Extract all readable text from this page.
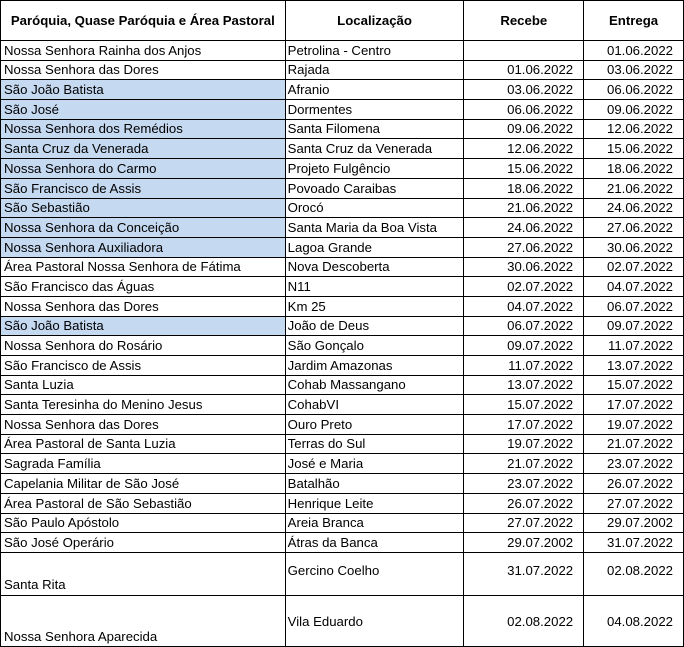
Paróquia, Quase Paróquia e Área Pastoral	Localização	Recebe	Entrega
Nossa Senhora Rainha dos Anjos	Petrolina - Centro		01.06.2022
Nossa Senhora das Dores	Rajada	01.06.2022	03.06.2022
São João Batista	Afranio	03.06.2022	06.06.2022
São José	Dormentes	06.06.2022	09.06.2022
Nossa Senhora dos Remédios	Santa Filomena	09.06.2022	12.06.2022
Santa Cruz da Venerada	Santa Cruz da Venerada	12.06.2022	15.06.2022
Nossa Senhora do Carmo	Projeto Fulgêncio	15.06.2022	18.06.2022
São Francisco de Assis	Povoado Caraibas	18.06.2022	21.06.2022
São Sebastião	Orocó	21.06.2022	24.06.2022
Nossa Senhora da Conceição	Santa Maria da Boa Vista	24.06.2022	27.06.2022
Nossa Senhora Auxiliadora	Lagoa Grande	27.06.2022	30.06.2022
Área Pastoral Nossa Senhora de Fátima	Nova Descoberta	30.06.2022	02.07.2022
São Francisco das Águas	N11	02.07.2022	04.07.2022
Nossa Senhora das Dores	Km 25	04.07.2022	06.07.2022
São João Batista	João de Deus	06.07.2022	09.07.2022
Nossa Senhora do Rosário	São Gonçalo	09.07.2022	11.07.2022
São Francisco de Assis	Jardim Amazonas	11.07.2022	13.07.2022
Santa Luzia	Cohab Massangano	13.07.2022	15.07.2022
Santa Teresinha do Menino Jesus	CohabVI	15.07.2022	17.07.2022
Nossa Senhora das Dores	Ouro Preto	17.07.2022	19.07.2022
Área Pastoral de Santa Luzia	Terras do Sul	19.07.2022	21.07.2022
Sagrada Família	José e Maria	21.07.2022	23.07.2022
Capelania Militar de São José	Batalhão	23.07.2022	26.07.2022
Área Pastoral de São Sebastião	Henrique Leite	26.07.2022	27.07.2022
São Paulo Apóstolo	Areia Branca	27.07.2022	29.07.2002
São José Operário	Átras da Banca	29.07.2002	31.07.2022
Santa Rita	Gercino Coelho	31.07.2022	02.08.2022
Nossa Senhora Aparecida	Vila Eduardo	02.08.2022	04.08.2022
